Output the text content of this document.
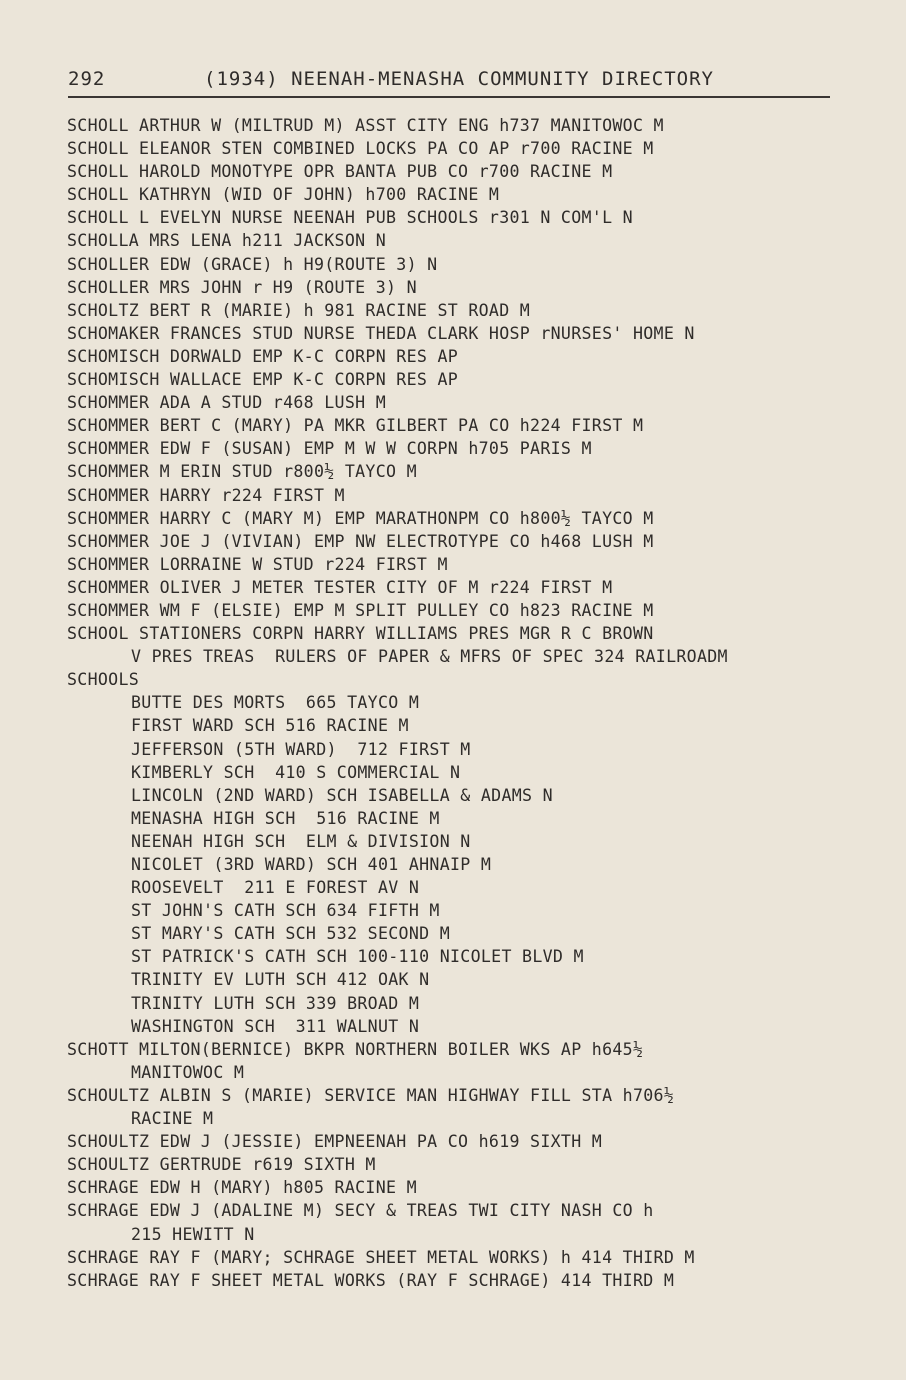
292	(1934) NEENAH-MENASHA COMMUNITY DIRECTORY
SCHOLL ARTHUR W (MILTRUD M) ASST CITY ENG h737 MANITOWOC M
SCHOLL ELEANOR STEN COMBINED LOCKS PA CO AP r700 RACINE M
SCHOLL HAROLD MONOTYPE OPR BANTA PUB CO r700 RACINE M
SCHOLL KATHRYN (WID OF JOHN) h700 RACINE M
SCHOLL L EVELYN NURSE NEENAH PUB SCHOOLS r301 N COM'L N
SCHOLLA MRS LENA h211 JACKSON N
SCHOLLER EDW (GRACE) h H9(ROUTE 3) N
SCHOLLER MRS JOHN r H9 (ROUTE 3) N
SCHOLTZ BERT R (MARIE) h 981 RACINE ST ROAD M
SCHOMAKER FRANCES STUD NURSE THEDA CLARK HOSP rNURSES' HOME N
SCHOMISCH DORWALD EMP K-C CORPN RES AP
SCHOMISCH WALLACE EMP K-C CORPN RES AP
SCHOMMER ADA A STUD r468 LUSH M
SCHOMMER BERT C (MARY) PA MKR GILBERT PA CO h224 FIRST M
SCHOMMER EDW F (SUSAN) EMP M W W CORPN h705 PARIS M
SCHOMMER M ERIN STUD r800½ TAYCO M
SCHOMMER HARRY r224 FIRST M
SCHOMMER HARRY C (MARY M) EMP MARATHONPM CO h800½ TAYCO M
SCHOMMER JOE J (VIVIAN) EMP NW ELECTROTYPE CO h468 LUSH M
SCHOMMER LORRAINE W STUD r224 FIRST M
SCHOMMER OLIVER J METER TESTER CITY OF M r224 FIRST M
SCHOMMER WM F (ELSIE) EMP M SPLIT PULLEY CO h823 RACINE M
SCHOOL STATIONERS CORPN HARRY WILLIAMS PRES MGR R C BROWN
V PRES TREAS  RULERS OF PAPER & MFRS OF SPEC 324 RAILROADM
SCHOOLS
BUTTE DES MORTS  665 TAYCO M
FIRST WARD SCH 516 RACINE M
JEFFERSON (5TH WARD)  712 FIRST M
KIMBERLY SCH  410 S COMMERCIAL N
LINCOLN (2ND WARD) SCH ISABELLA & ADAMS N
MENASHA HIGH SCH  516 RACINE M
NEENAH HIGH SCH  ELM & DIVISION N
NICOLET (3RD WARD) SCH 401 AHNAIP M
ROOSEVELT  211 E FOREST AV N
ST JOHN'S CATH SCH 634 FIFTH M
ST MARY'S CATH SCH 532 SECOND M
ST PATRICK'S CATH SCH 100-110 NICOLET BLVD M
TRINITY EV LUTH SCH 412 OAK N
TRINITY LUTH SCH 339 BROAD M
WASHINGTON SCH  311 WALNUT N
SCHOTT MILTON(BERNICE) BKPR NORTHERN BOILER WKS AP h645½
MANITOWOC M
SCHOULTZ ALBIN S (MARIE) SERVICE MAN HIGHWAY FILL STA h706½
RACINE M
SCHOULTZ EDW J (JESSIE) EMPNEENAH PA CO h619 SIXTH M
SCHOULTZ GERTRUDE r619 SIXTH M
SCHRAGE EDW H (MARY) h805 RACINE M
SCHRAGE EDW J (ADALINE M) SECY & TREAS TWI CITY NASH CO h
215 HEWITT N
SCHRAGE RAY F (MARY; SCHRAGE SHEET METAL WORKS) h 414 THIRD M
SCHRAGE RAY F SHEET METAL WORKS (RAY F SCHRAGE) 414 THIRD M
